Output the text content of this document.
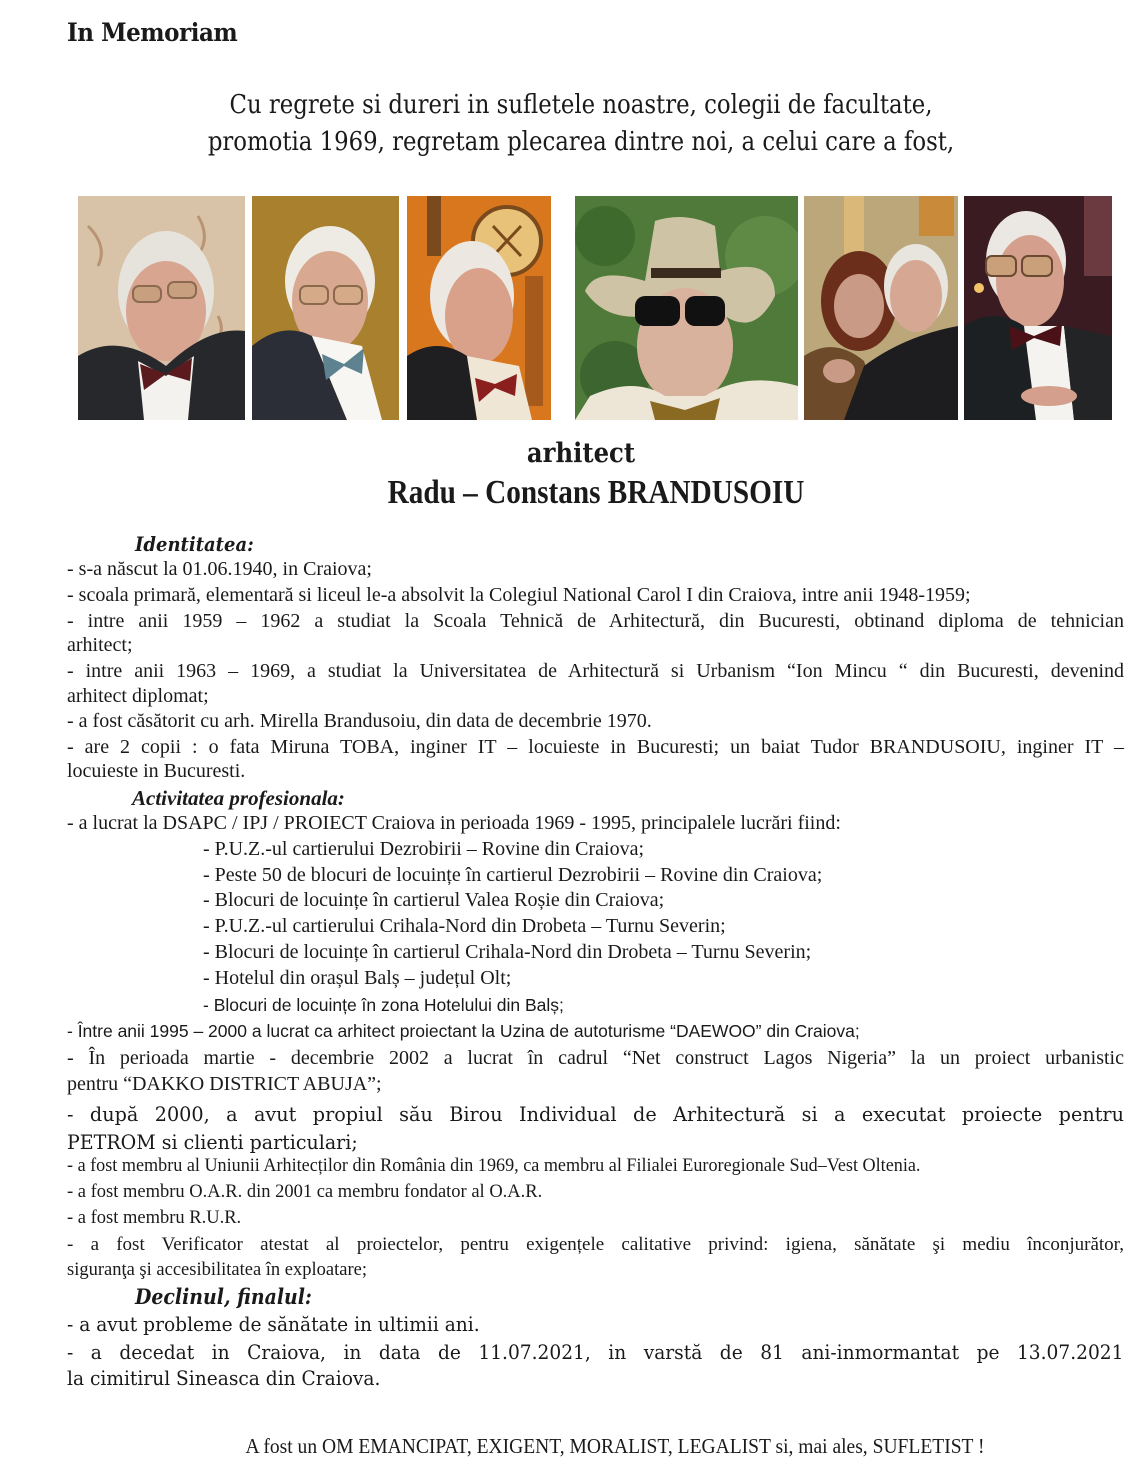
In Memoriam
Cu regrete si dureri in sufletele noastre, colegii de facultate,
promotia 1969, regretam plecarea dintre noi, a celui care a fost,
arhitect
Radu – Constans BRANDUSOIU
Identitatea:
- s-a născut la 01.06.1940, in Craiova;
- scoala primară, elementară si liceul le-a absolvit la Colegiul National Carol I din Craiova, intre anii 1948-1959;
- intre anii 1959 – 1962 a studiat la Scoala Tehnică de Arhitectură, din Bucuresti, obtinand diploma de tehnician
arhitect;
- intre anii 1963 – 1969, a studiat la Universitatea de Arhitectură si Urbanism “Ion Mincu “ din Bucuresti, devenind
arhitect diplomat;
- a fost căsătorit cu arh. Mirella Brandusoiu, din data de decembrie 1970.
- are 2 copii : o fata Miruna TOBA, inginer IT – locuieste in Bucuresti; un baiat Tudor BRANDUSOIU, inginer IT –
locuieste in Bucuresti.
Activitatea profesionala:
- a lucrat la DSAPC / IPJ / PROIECT Craiova in perioada 1969 - 1995, principalele lucrări fiind:
- P.U.Z.-ul cartierului Dezrobirii – Rovine din Craiova;
- Peste 50 de blocuri de locuințe în cartierul Dezrobirii – Rovine din Craiova;
- Blocuri de locuințe în cartierul Valea Roșie din Craiova;
- P.U.Z.-ul cartierului Crihala-Nord din Drobeta – Turnu Severin;
- Blocuri de locuințe în cartierul Crihala-Nord din Drobeta – Turnu Severin;
- Hotelul din orașul Balș – județul Olt;
- Blocuri de locuințe în zona Hotelului din Balș;
- Între anii 1995 – 2000 a lucrat ca arhitect proiectant la Uzina de autoturisme “DAEWOO” din Craiova;
- În perioada martie - decembrie 2002 a lucrat în cadrul “Net construct Lagos Nigeria” la un proiect urbanistic
pentru “DAKKO DISTRICT ABUJA”;
- după 2000, a avut propiul său Birou Individual de Arhitectură si a executat proiecte pentru
PETROM si clienti particulari;
- a fost membru al Uniunii Arhitecților din România din 1969, ca membru al Filialei Euroregionale Sud–Vest Oltenia.
- a fost membru O.A.R. din 2001 ca membru fondator al O.A.R.
- a fost membru R.U.R.
- a fost Verificator atestat al proiectelor, pentru exigențele calitative privind: igiena, sănătate şi mediu înconjurător,
siguranţa şi accesibilitatea în exploatare;
Declinul, finalul:
- a avut probleme de sănătate in ultimii ani.
- a decedat in Craiova, in data de 11.07.2021, in varstă de 81 ani-inmormantat pe 13.07.2021
la cimitirul Sineasca din Craiova.
A fost un OM EMANCIPAT, EXIGENT, MORALIST, LEGALIST si, mai ales, SUFLETIST !
